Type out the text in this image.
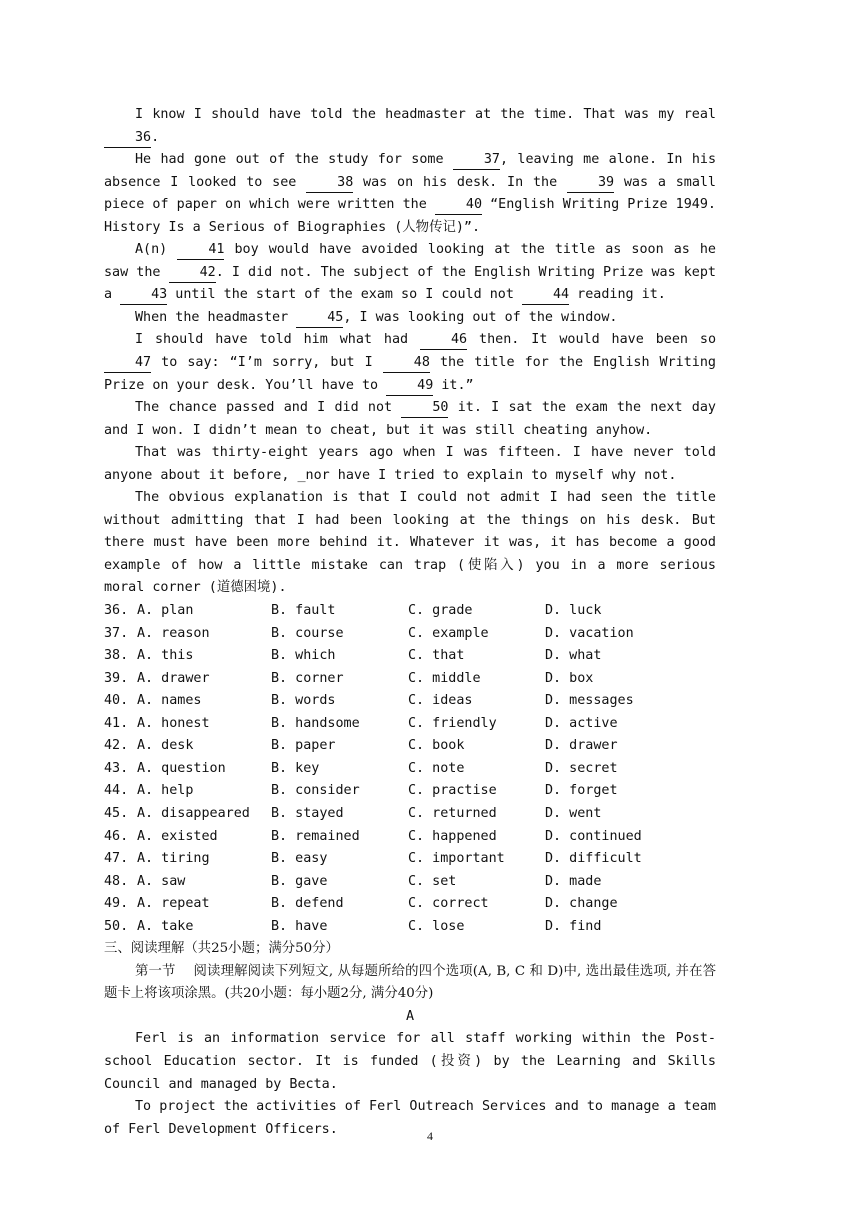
I know I should have told the headmaster at the time. That was my real 36.
He had gone out of the study for some 37, leaving me alone. In his absence I looked to see 38 was on his desk. In the 39 was a small piece of paper on which were written the 40 “English Writing Prize 1949. History Is a Serious of Biographies (人物传记)”.
A(n) 41 boy would have avoided looking at the title as soon as he saw the 42. I did not. The subject of the English Writing Prize was kept a 43 until the start of the exam so I could not 44 reading it.
When the headmaster 45, I was looking out of the window.
I should have told him what had 46 then. It would have been so 47 to say: “I’m sorry, but I 48 the title for the English Writing Prize on your desk. You’ll have to 49 it.”
The chance passed and I did not 50 it. I sat the exam the next day and I won. I didn’t mean to cheat, but it was still cheating anyhow.
That was thirty-eight years ago when I was fifteen. I have never told anyone about it before, _nor have I tried to explain to myself why not.
The obvious explanation is that I could not admit I had seen the title without admitting that I had been looking at the things on his desk. But there must have been more behind it. Whatever it was, it has become a good example of how a little mistake can trap (使陷入) you in a more serious moral corner (道德困境).
36. A. plan	B. fault	C. grade	D. luck
37. A. reason	B. course	C. example	D. vacation
38. A. this	B. which	C. that	D. what
39. A. drawer	B. corner	C. middle	D. box
40. A. names	B. words	C. ideas	D. messages
41. A. honest	B. handsome	C. friendly	D. active
42. A. desk	B. paper	C. book	D. drawer
43. A. question	B. key	C. note	D. secret
44. A. help	B. consider	C. practise	D. forget
45. A. disappeared	B. stayed	C. returned	D. went
46. A. existed	B. remained	C. happened	D. continued
47. A. tiring	B. easy	C. important	D. difficult
48. A. saw	B. gave	C. set	D. made
49. A. repeat	B. defend	C. correct	D. change
50. A. take	B. have	C. lose	D. find
三、阅读理解（共25小题；满分50分）
第一节　 阅读理解阅读下列短文, 从每题所给的四个选项(A, B, C 和 D)中, 选出最佳选项, 并在答题卡上将该项涂黑。(共20小题：每小题2分, 满分40分)
A
Ferl is an information service for all staff working within the Post-school Education sector. It is funded (投资) by the Learning and Skills Council and managed by Becta.
To project the activities of Ferl Outreach Services and to manage a team of Ferl Development Officers.	4
